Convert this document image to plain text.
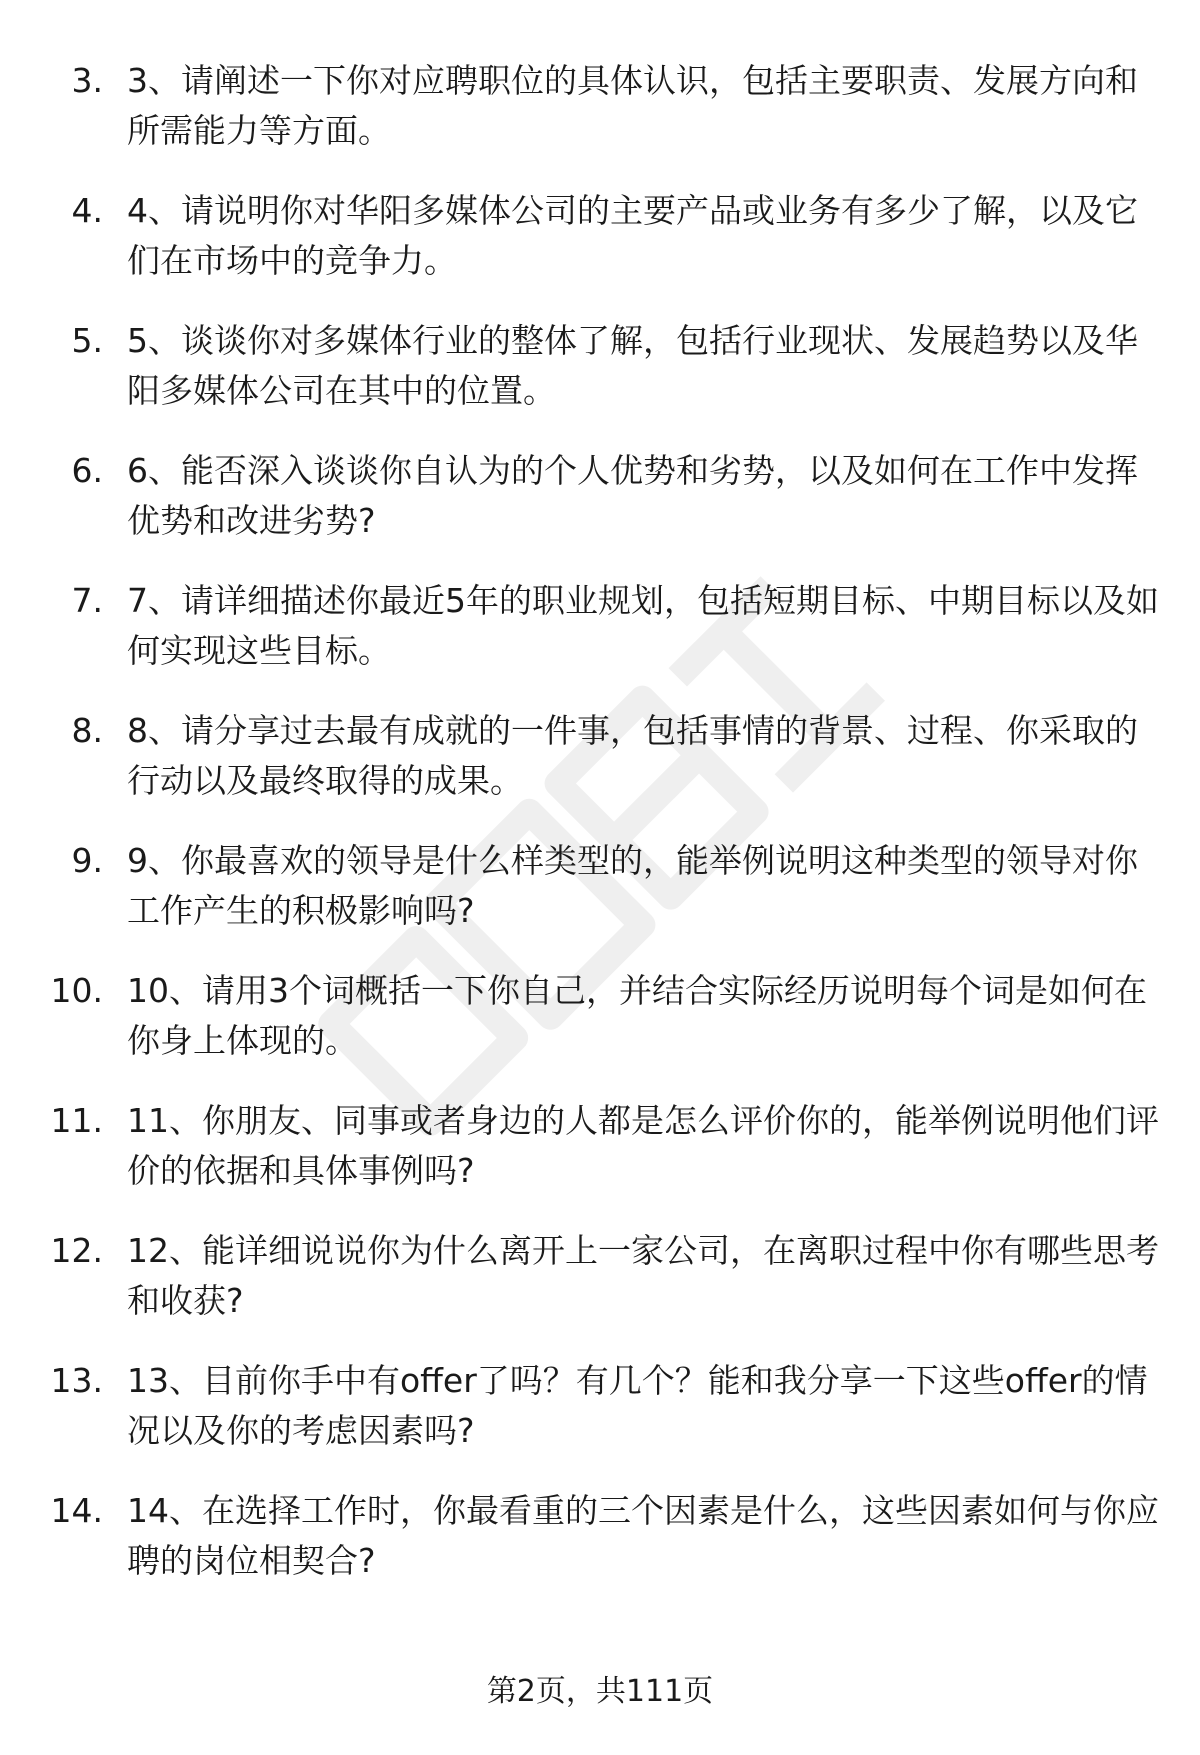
3. 3、请阐述一下你对应聘职位的具体认识，包括主要职责、发展方向和所需能力等方面。
4. 4、请说明你对华阳多媒体公司的主要产品或业务有多少了解，以及它们在市场中的竞争力。
5. 5、谈谈你对多媒体行业的整体了解，包括行业现状、发展趋势以及华阳多媒体公司在其中的位置。
6. 6、能否深入谈谈你自认为的个人优势和劣势，以及如何在工作中发挥优势和改进劣势?
7. 7、请详细描述你最近5年的职业规划，包括短期目标、中期目标以及如何实现这些目标。
8. 8、请分享过去最有成就的一件事，包括事情的背景、过程、你采取的行动以及最终取得的成果。
9. 9、你最喜欢的领导是什么样类型的，能举例说明这种类型的领导对你工作产生的积极影响吗?
10. 10、请用3个词概括一下你自己，并结合实际经历说明每个词是如何在你身上体现的。
11. 11、你朋友、同事或者身边的人都是怎么评价你的，能举例说明他们评价的依据和具体事例吗?
12. 12、能详细说说你为什么离开上一家公司，在离职过程中你有哪些思考和收获?
13. 13、目前你手中有offer了吗？有几个？能和我分享一下这些offer的情况以及你的考虑因素吗?
14. 14、在选择工作时，你最看重的三个因素是什么，这些因素如何与你应聘的岗位相契合?
第2页，共111页
